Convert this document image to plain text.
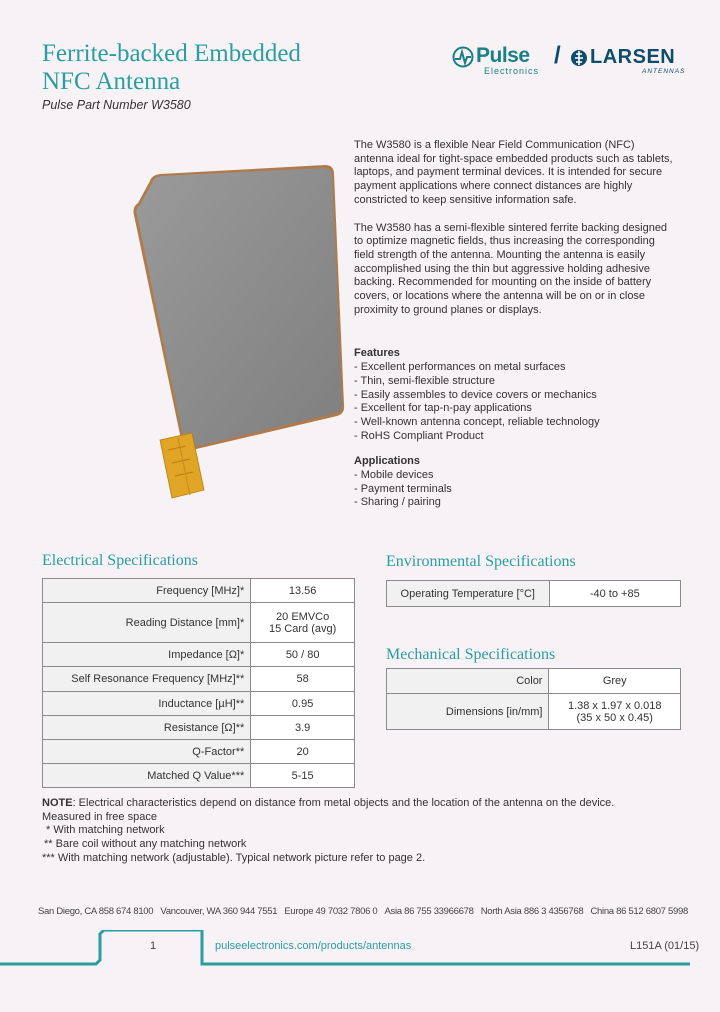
Ferrite-backed Embedded
NFC Antenna
Pulse Part Number W3580
Pulse
Electronics
/ LARSEN
ANTENNAS

The W3580 is a flexible Near Field Communication (NFC) antenna ideal for tight-space embedded products such as tablets, laptops, and payment terminal devices. It is intended for secure payment applications where connect distances are highly constricted to keep sensitive information safe.

The W3580 has a semi-flexible sintered ferrite backing designed to optimize magnetic fields, thus increasing the corresponding field strength of the antenna. Mounting the antenna is easily accomplished using the thin but aggressive holding adhesive backing. Recommended for mounting on the inside of battery covers, or locations where the antenna will be on or in close proximity to ground planes or displays.

Features
- Excellent performances on metal surfaces
- Thin, semi-flexible structure
- Easily assembles to device covers or mechanics
- Excellent for tap-n-pay applications
- Well-known antenna concept, reliable technology
- RoHS Compliant Product
Applications
- Mobile devices
- Payment terminals
- Sharing / pairing
Electrical Specifications
Frequency [MHz]*	13.56
Reading Distance [mm]*	20 EMVCo
15 Card (avg)

Impedance [Ω]*	50 / 80
Self Resonance Frequency [MHz]**	58
Inductance [µH]**	0.95
Resistance [Ω]**	3.9
Q-Factor**	20
Matched Q Value***	5-15
Environmental Specifications
Operating Temperature [°C]	-40 to +85
Mechanical Specifications
Color	Grey
Dimensions [in/mm]	1.38 x 1.97 x 0.018
(35 x 50 x 0.45)
NOTE: Electrical characteristics depend on distance from metal objects and the location of the antenna on the device.
Measured in free space
* With matching network
** Bare coil without any matching network
*** With matching network (adjustable). Typical network picture refer to page 2.
San Diego, CA 858 674 8100 Vancouver, WA 360 944 7551 Europe 49 7032 7806 0 Asia 86 755 33966678 North Asia 886 3 4356768 China 86 512 6807 5998
1	pulseelectronics.com/products/antennas	L151A (01/15)
